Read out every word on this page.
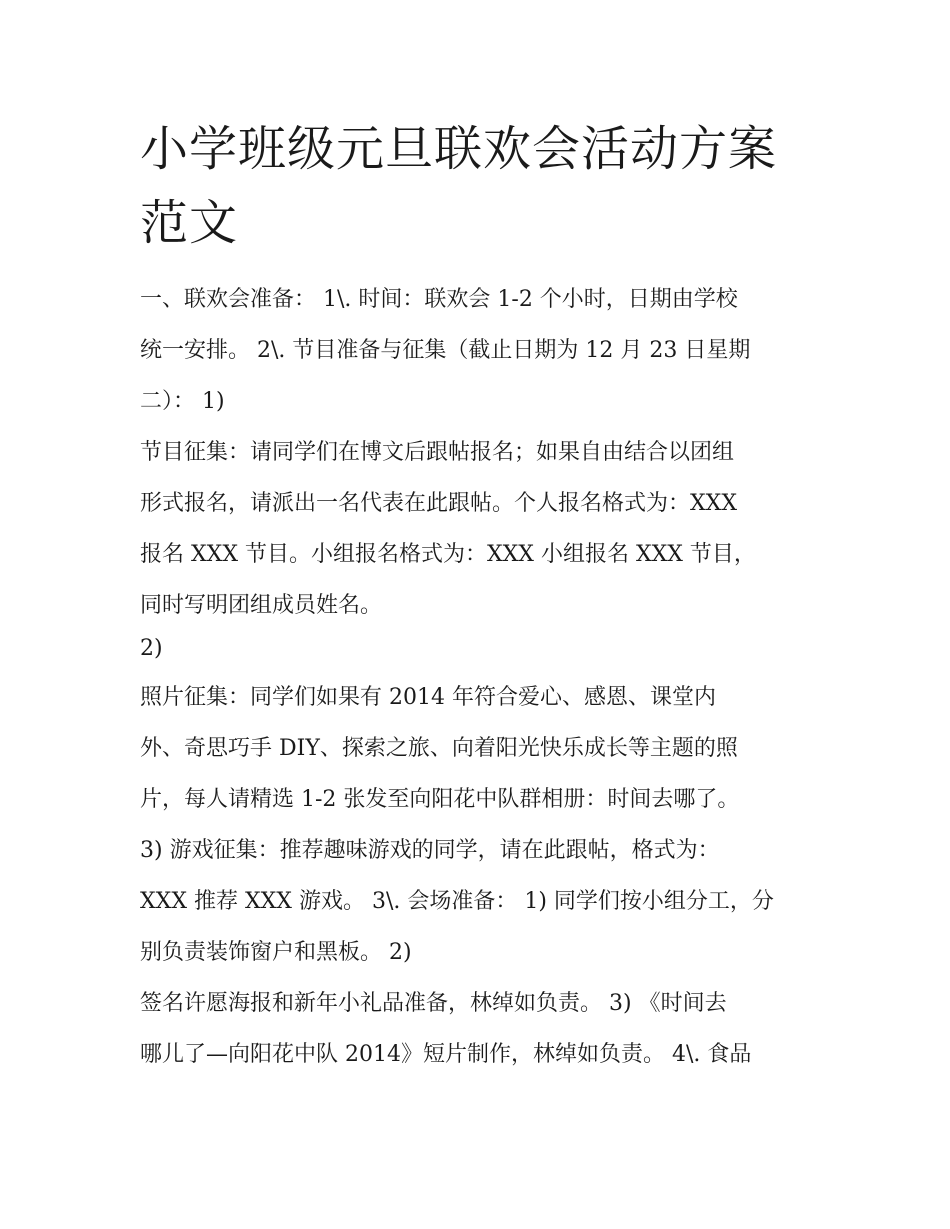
小学班级元旦联欢会活动方案
范文

一、联欢会准备： 1\. 时间：联欢会 1-2 个小时，日期由学校

统一安排。 2\. 节目准备与征集（截止日期为 12 月 23 日星期

二）： 1)

节目征集：请同学们在博文后跟帖报名；如果自由结合以团组

形式报名，请派出一名代表在此跟帖。个人报名格式为：XXX

报名 XXX 节目。小组报名格式为：XXX 小组报名 XXX 节目，

同时写明团组成员姓名。

2)

照片征集：同学们如果有 2014 年符合爱心、感恩、课堂内

外、奇思巧手 DIY、探索之旅、向着阳光快乐成长等主题的照

片，每人请精选 1-2 张发至向阳花中队群相册：时间去哪了。

3) 游戏征集：推荐趣味游戏的同学，请在此跟帖，格式为：

XXX 推荐 XXX 游戏。 3\. 会场准备： 1) 同学们按小组分工，分

别负责装饰窗户和黑板。 2)

签名许愿海报和新年小礼品准备，林绰如负责。 3) 《时间去

哪儿了—向阳花中队 2014》短片制作，林绰如负责。 4\. 食品
